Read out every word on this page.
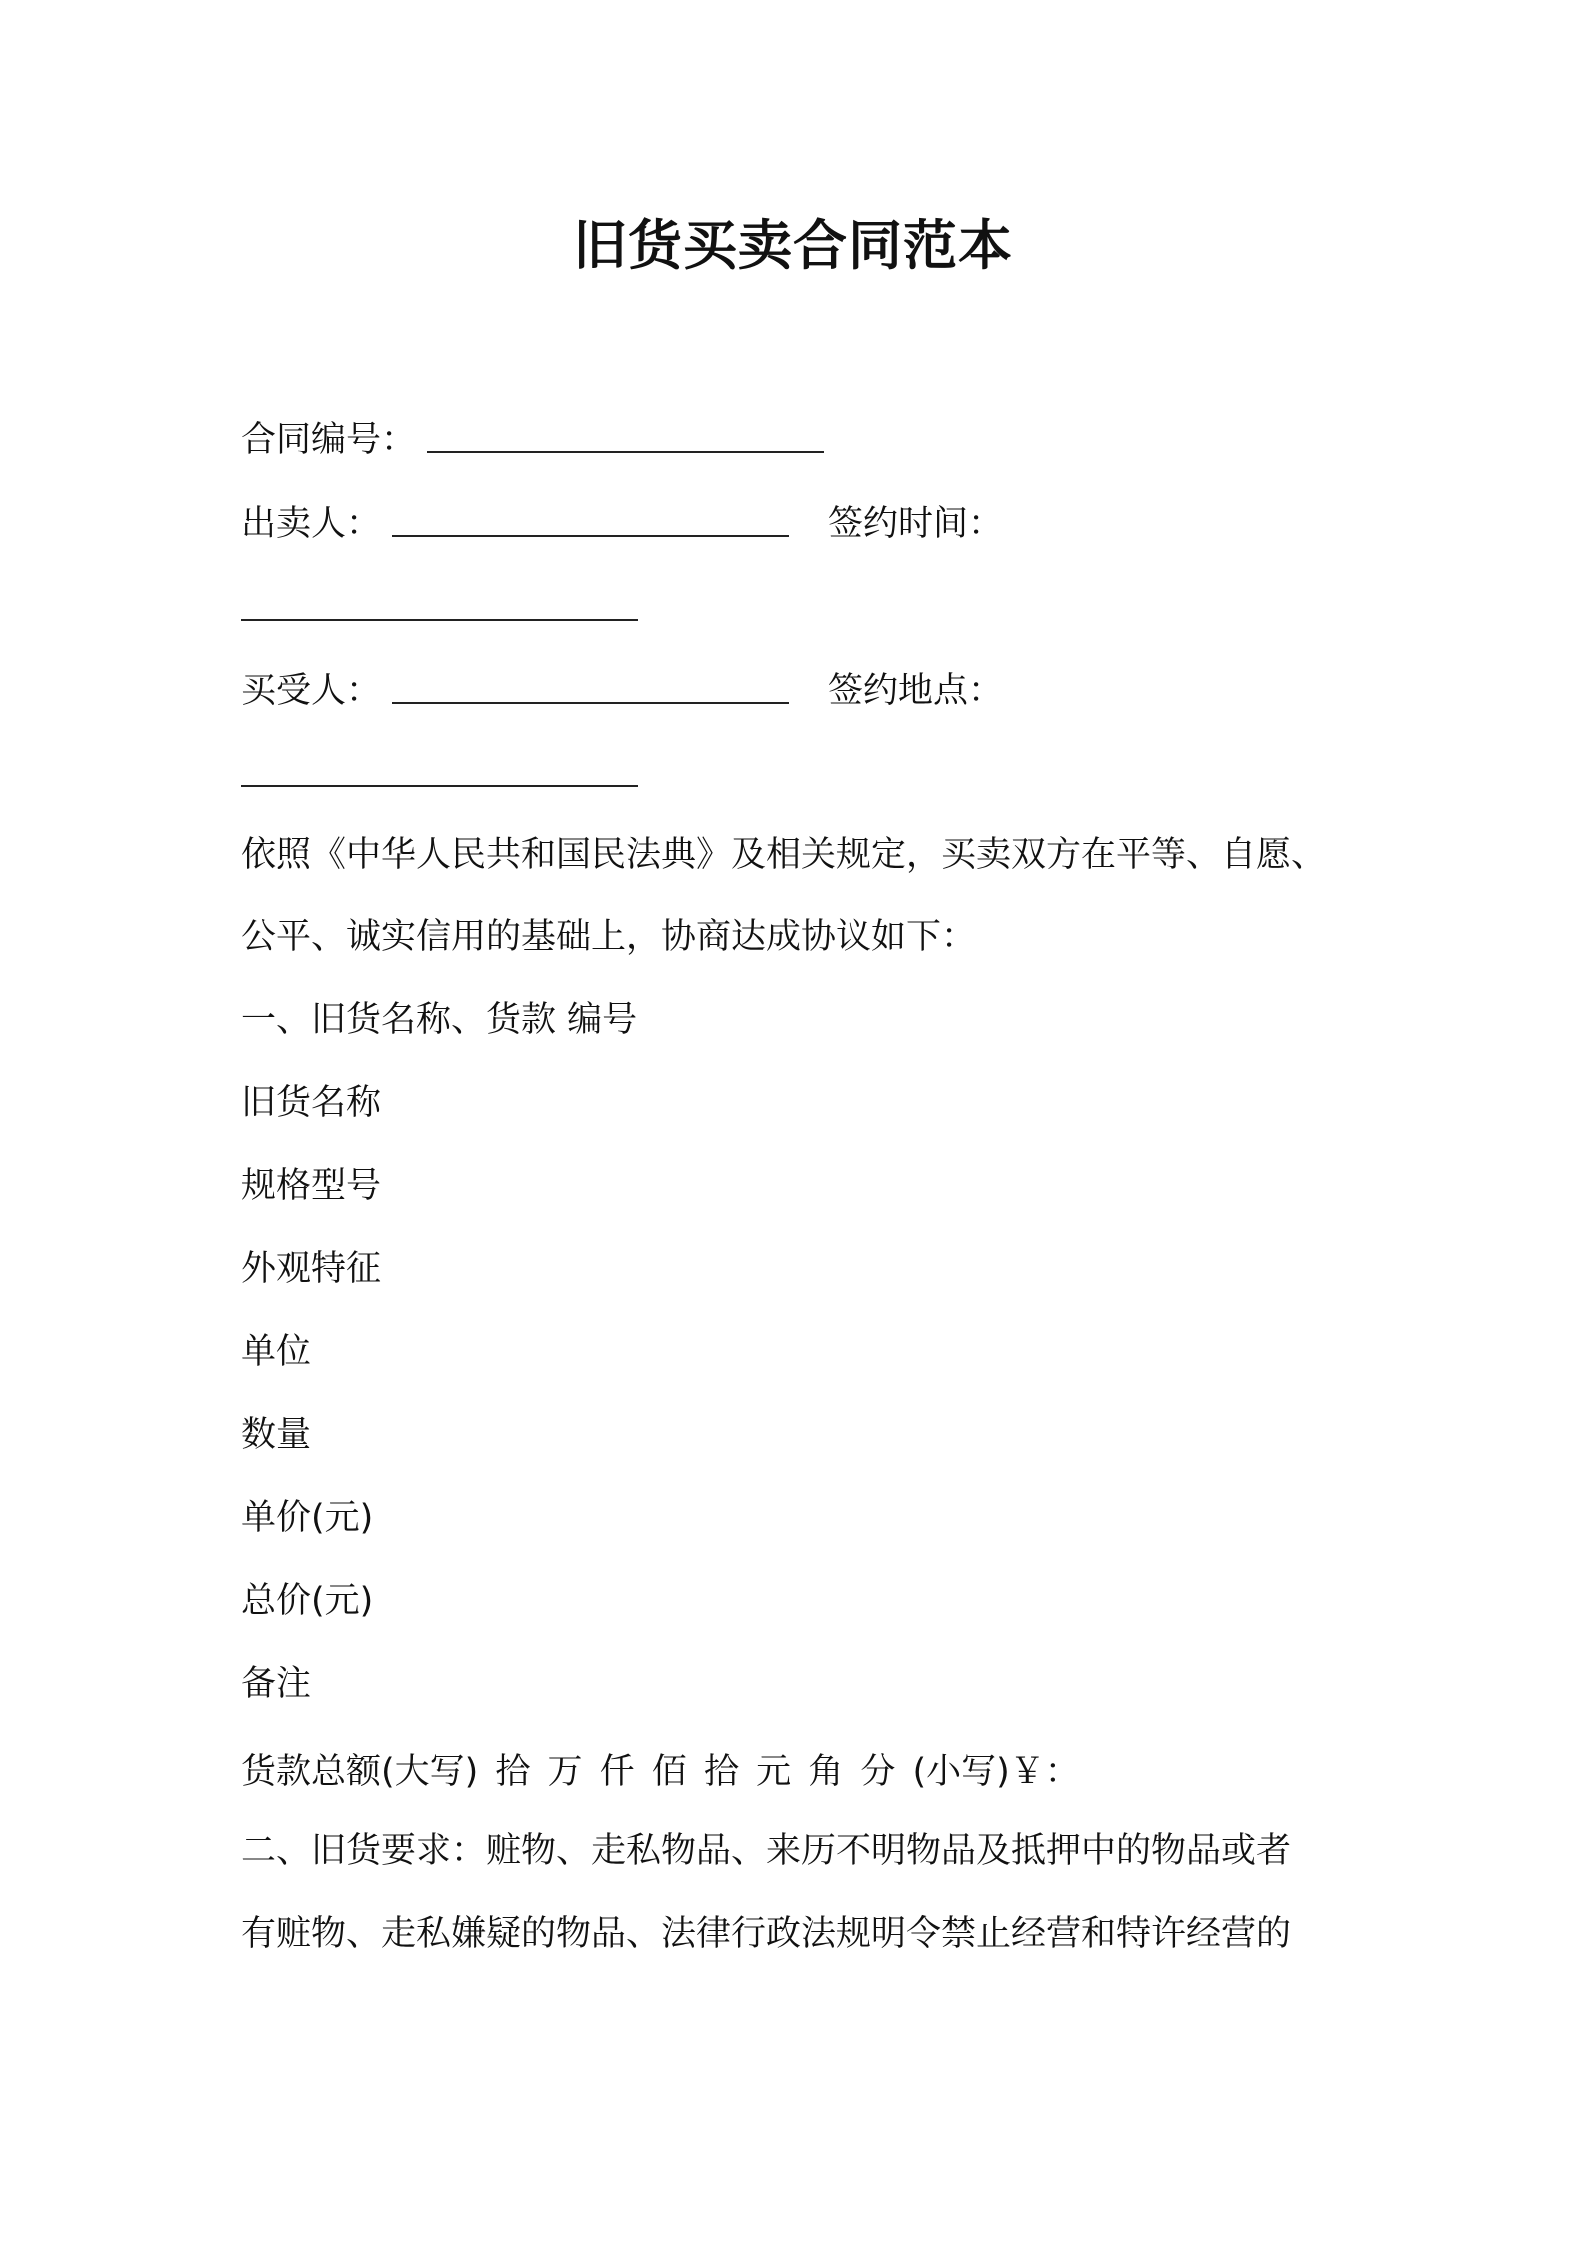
旧货买卖合同范本
合同编号：
出卖人：	签约时间：
买受人：	签约地点：
依照《中华人民共和国民法典》及相关规定，买卖双方在平等、自愿、
公平、诚实信用的基础上，协商达成协议如下：
一、旧货名称、货款 编号
旧货名称
规格型号
外观特征
单位
数量
单价(元)
总价(元)
备注
货款总额(大写) 拾 万 仟 佰 拾 元 角 分 (小写)￥：
二、旧货要求：赃物、走私物品、来历不明物品及抵押中的物品或者
有赃物、走私嫌疑的物品、法律行政法规明令禁止经营和特许经营的
